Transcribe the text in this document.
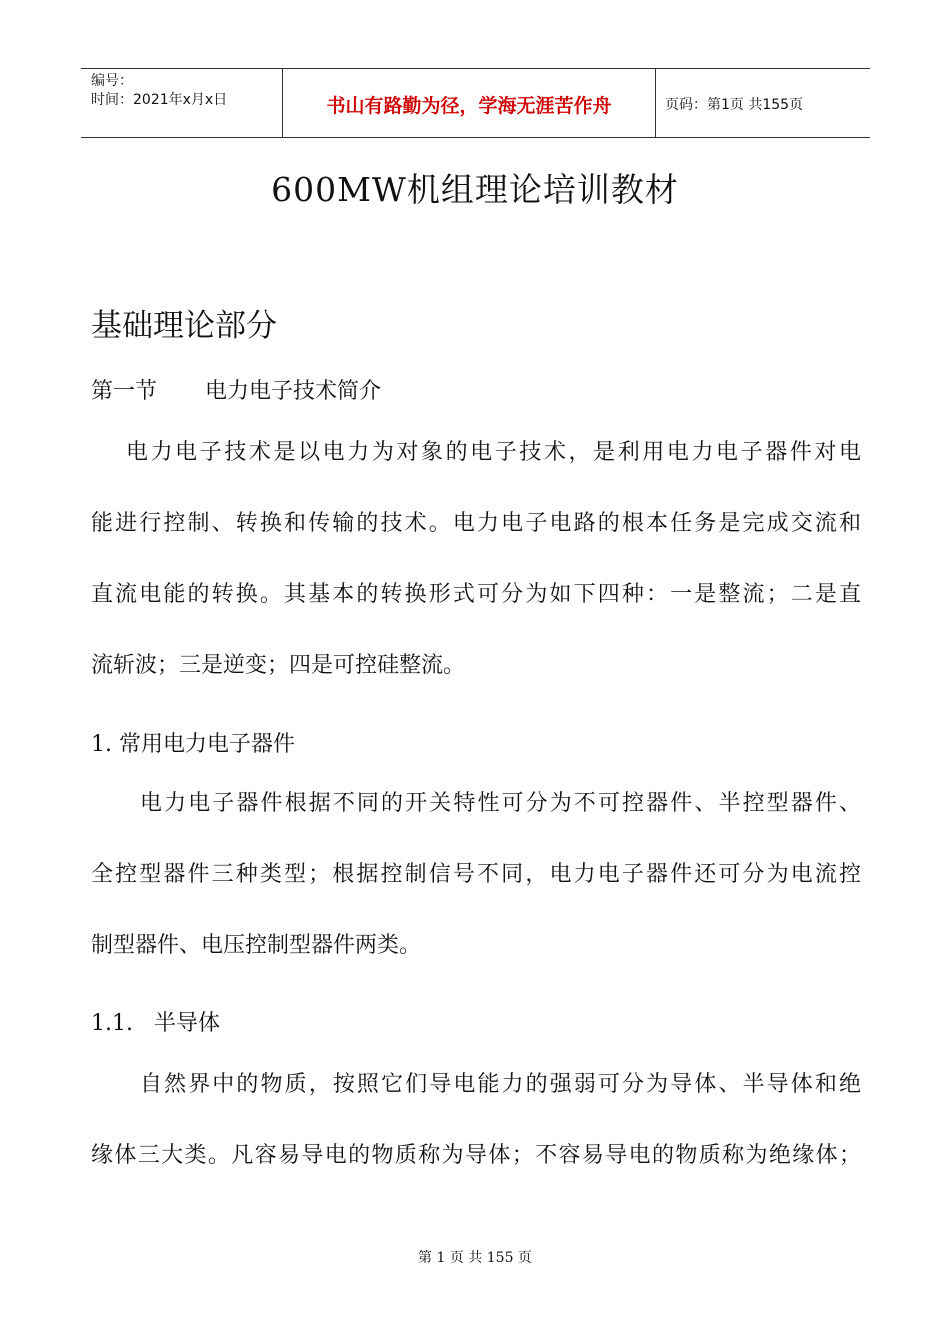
编号：
时间：2021年x月x日	书山有路勤为径，学海无涯苦作舟	页码：第1页 共155页
600MW机组理论培训教材
基础理论部分
第一节 电力电子技术简介
电力电子技术是以电力为对象的电子技术，是利用电力电子器件对电
能进行控制、转换和传输的技术。电力电子电路的根本任务是完成交流和
直流电能的转换。其基本的转换形式可分为如下四种：一是整流；二是直
流斩波；三是逆变；四是可控硅整流。
1. 常用电力电子器件
电力电子器件根据不同的开关特性可分为不可控器件、半控型器件、
全控型器件三种类型；根据控制信号不同，电力电子器件还可分为电流控
制型器件、电压控制型器件两类。
1.1.   半导体
自然界中的物质，按照它们导电能力的强弱可分为导体、半导体和绝
缘体三大类。凡容易导电的物质称为导体；不容易导电的物质称为绝缘体；
第 1 页 共 155 页
